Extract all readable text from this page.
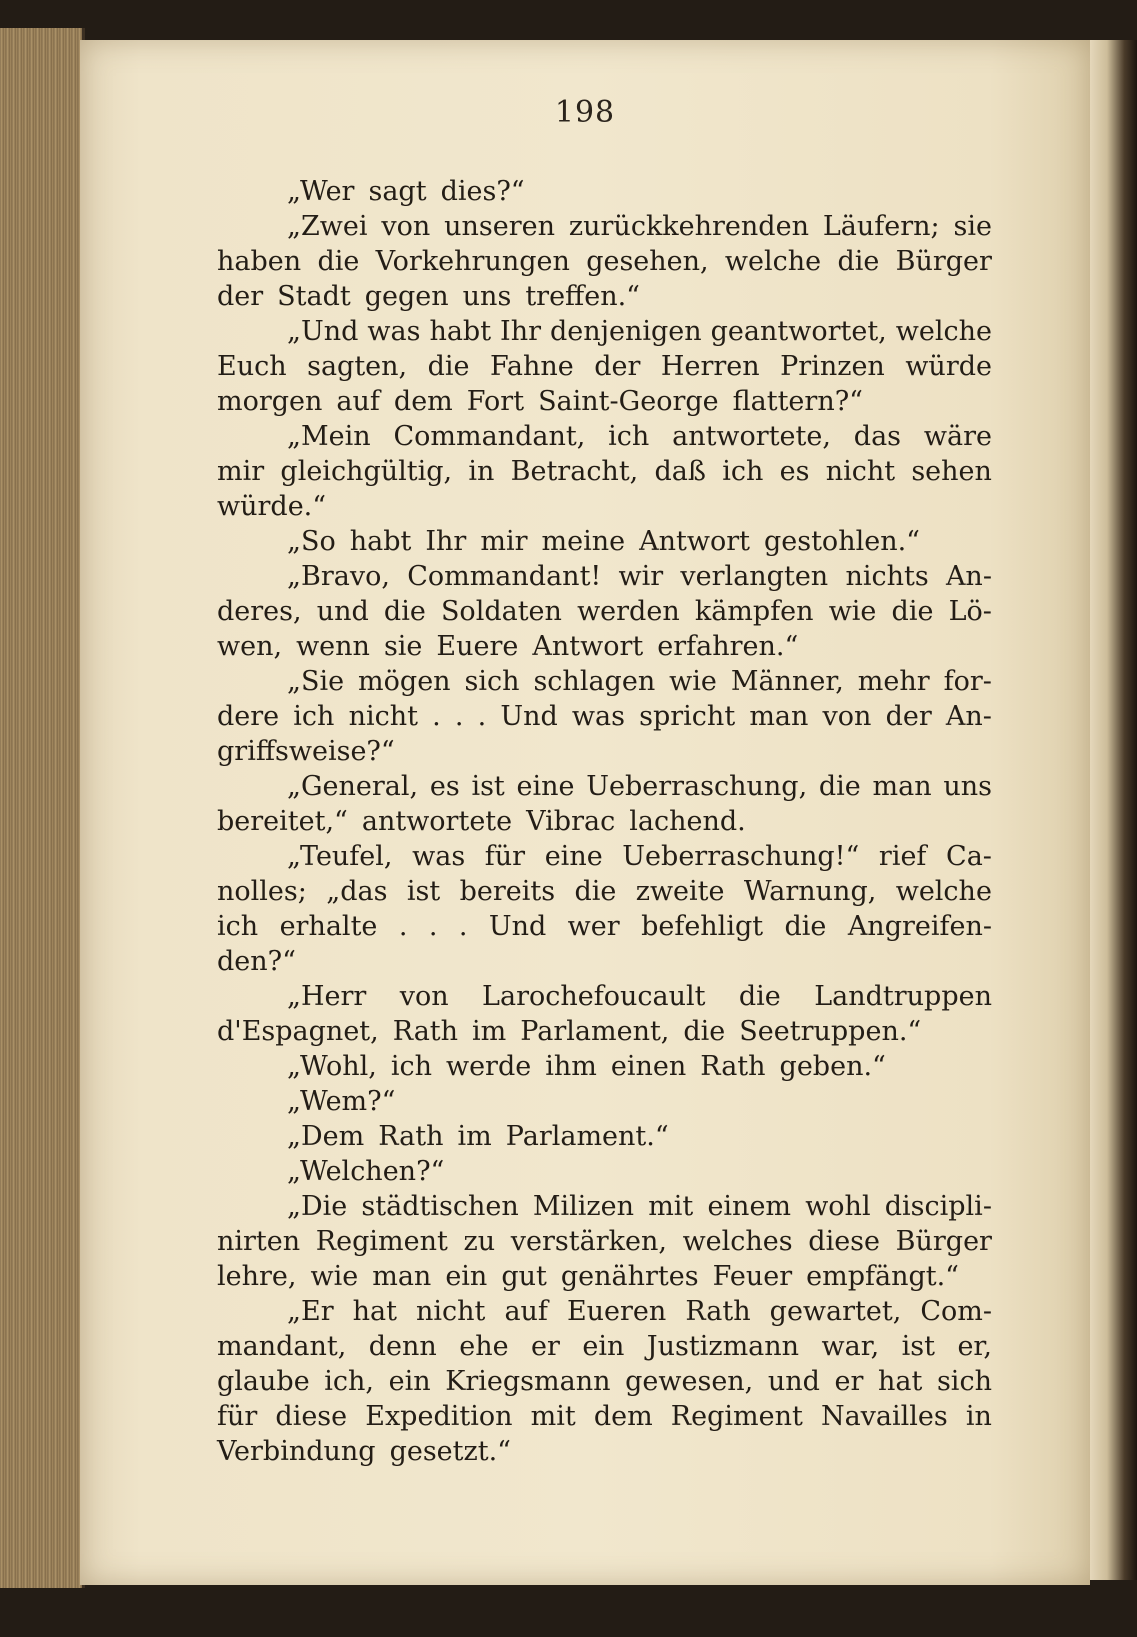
198
„Wer sagt dies?“
„Zwei von unseren zurückkehrenden Läufern; sie
haben die Vorkehrungen gesehen, welche die Bürger
der Stadt gegen uns treffen.“
„Und was habt Ihr denjenigen geantwortet, welche
Euch sagten, die Fahne der Herren Prinzen würde
morgen auf dem Fort Saint-George flattern?“
„Mein Commandant, ich antwortete, das wäre
mir gleichgültig, in Betracht, daß ich es nicht sehen
würde.“
„So habt Ihr mir meine Antwort gestohlen.“
„Bravo, Commandant! wir verlangten nichts An-
deres, und die Soldaten werden kämpfen wie die Lö-
wen, wenn sie Euere Antwort erfahren.“
„Sie mögen sich schlagen wie Männer, mehr for-
dere ich nicht . . . Und was spricht man von der An-
griffsweise?“
„General, es ist eine Ueberraschung, die man uns
bereitet,“ antwortete Vibrac lachend.
„Teufel, was für eine Ueberraschung!“ rief Ca-
nolles; „das ist bereits die zweite Warnung, welche
ich erhalte . . . Und wer befehligt die Angreifen-
den?“
„Herr von Larochefoucault die Landtruppen
d'Espagnet, Rath im Parlament, die Seetruppen.“
„Wohl, ich werde ihm einen Rath geben.“
„Wem?“
„Dem Rath im Parlament.“
„Welchen?“
„Die städtischen Milizen mit einem wohl discipli-
nirten Regiment zu verstärken, welches diese Bürger
lehre, wie man ein gut genährtes Feuer empfängt.“
„Er hat nicht auf Eueren Rath gewartet, Com-
mandant, denn ehe er ein Justizmann war, ist er,
glaube ich, ein Kriegsmann gewesen, und er hat sich
für diese Expedition mit dem Regiment Navailles in
Verbindung gesetzt.“
